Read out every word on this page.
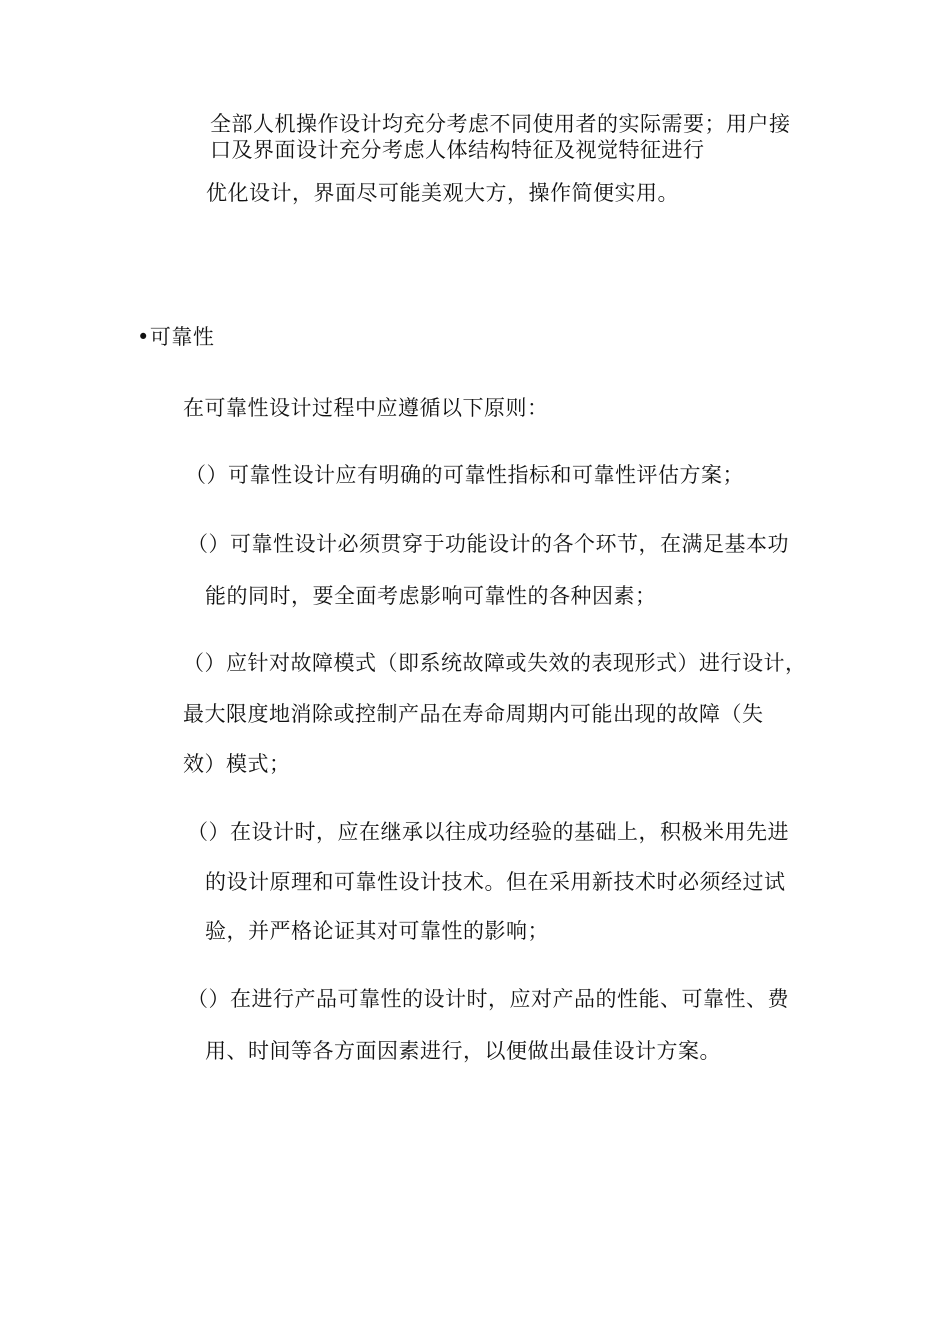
全部人机操作设计均充分考虑不同使用者的实际需要；用户接
口及界面设计充分考虑人体结构特征及视觉特征进行
优化设计，界面尽可能美观大方，操作简便实用。
•可靠性
在可靠性设计过程中应遵循以下原则：
（）可靠性设计应有明确的可靠性指标和可靠性评估方案；
（）可靠性设计必须贯穿于功能设计的各个环节，在满足基本功
能的同时，要全面考虑影响可靠性的各种因素；
（）应针对故障模式（即系统故障或失效的表现形式）进行设计，
最大限度地消除或控制产品在寿命周期内可能出现的故障（失
效）模式；
（）在设计时，应在继承以往成功经验的基础上，积极米用先进
的设计原理和可靠性设计技术。但在采用新技术时必须经过试
验，并严格论证其对可靠性的影响；
（）在进行产品可靠性的设计时，应对产品的性能、可靠性、费
用、时间等各方面因素进行，以便做出最佳设计方案。
